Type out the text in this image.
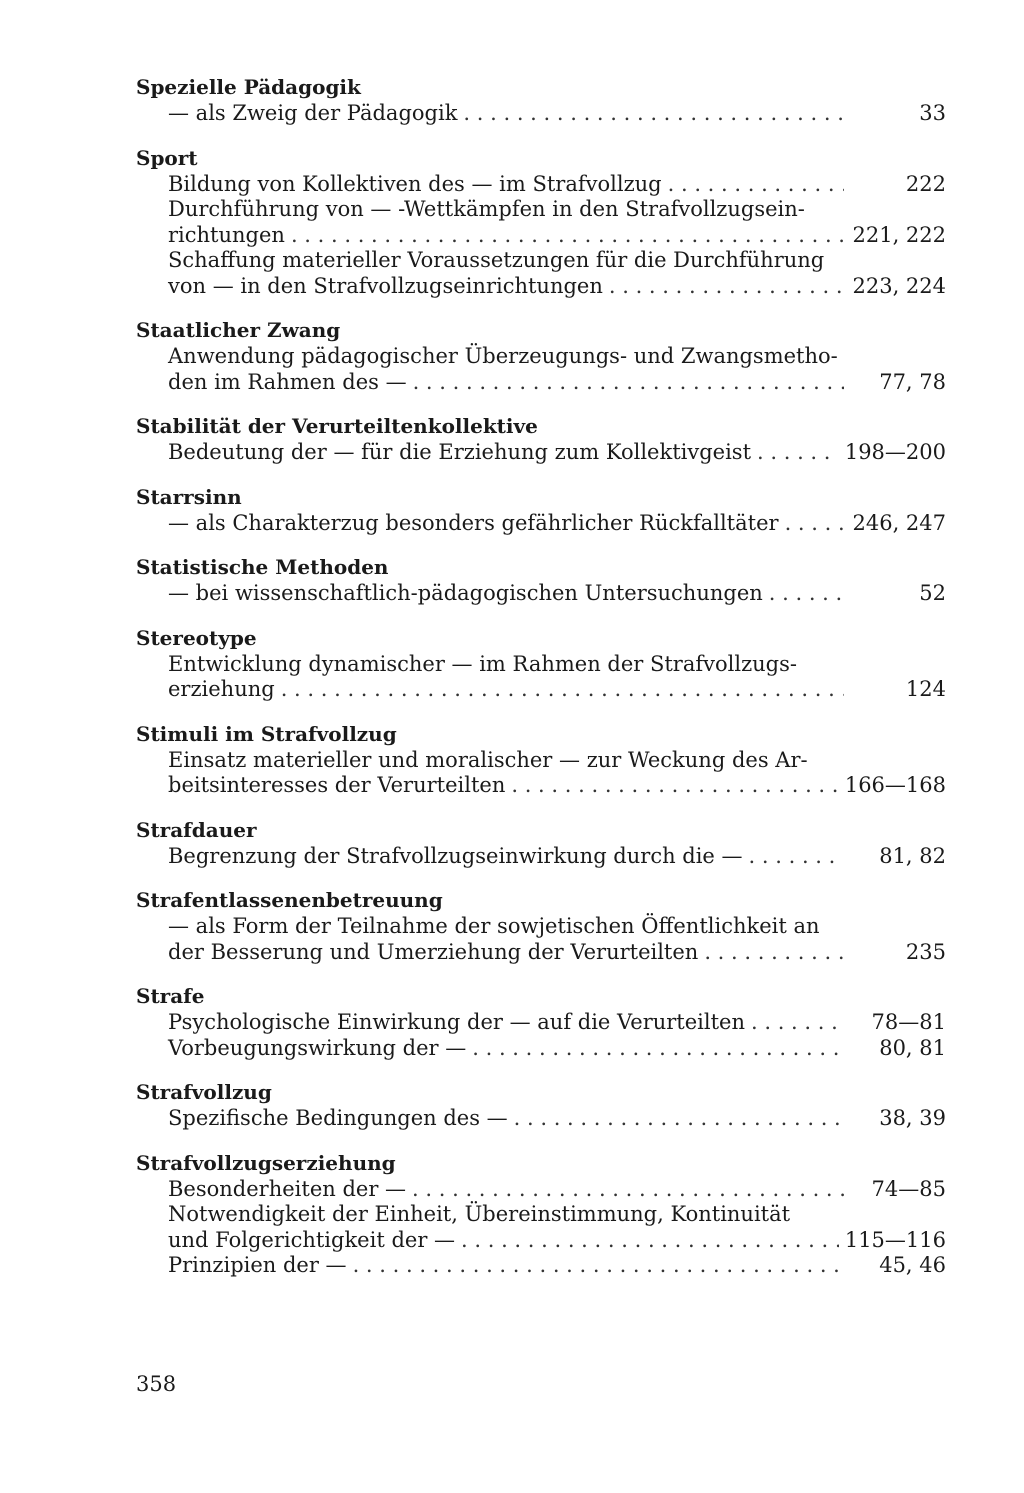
Spezielle Pädagogik
— als Zweig der Pädagogik . . .	33
Sport
Bildung von Kollektiven des — im Strafvollzug . . .	222
Durchführung von — -Wettkämpfen in den Strafvollzugsein-
richtungen . . .	221, 222
Schaffung materieller Voraussetzungen für die Durchführung
von — in den Strafvollzugseinrichtungen . . .	223, 224
Staatlicher Zwang
Anwendung pädagogischer Überzeugungs- und Zwangsmetho-
den im Rahmen des — . . .	77, 78
Stabilität der Verurteiltenkollektive
Bedeutung der — für die Erziehung zum Kollektivgeist . . .	198—200
Starrsinn
— als Charakterzug besonders gefährlicher Rückfalltäter . . .	246, 247
Statistische Methoden
— bei wissenschaftlich-pädagogischen Untersuchungen . . .	52
Stereotype
Entwicklung dynamischer — im Rahmen der Strafvollzugs-
erziehung . . .	124
Stimuli im Strafvollzug
Einsatz materieller und moralischer — zur Weckung des Ar-
beitsinteresses der Verurteilten . . .	166—168
Strafdauer
Begrenzung der Strafvollzugseinwirkung durch die — . . .	81, 82
Strafentlassenenbetreuung
— als Form der Teilnahme der sowjetischen Öffentlichkeit an
der Besserung und Umerziehung der Verurteilten . . .	235
Strafe
Psychologische Einwirkung der — auf die Verurteilten . . .	78—81
Vorbeugungswirkung der — . . .	80, 81
Strafvollzug
Spezifische Bedingungen des — . . .	38, 39
Strafvollzugserziehung
Besonderheiten der — . . .	74—85
Notwendigkeit der Einheit, Übereinstimmung, Kontinuität
und Folgerichtigkeit der — . . .	115—116
Prinzipien der — . . .	45, 46
358
